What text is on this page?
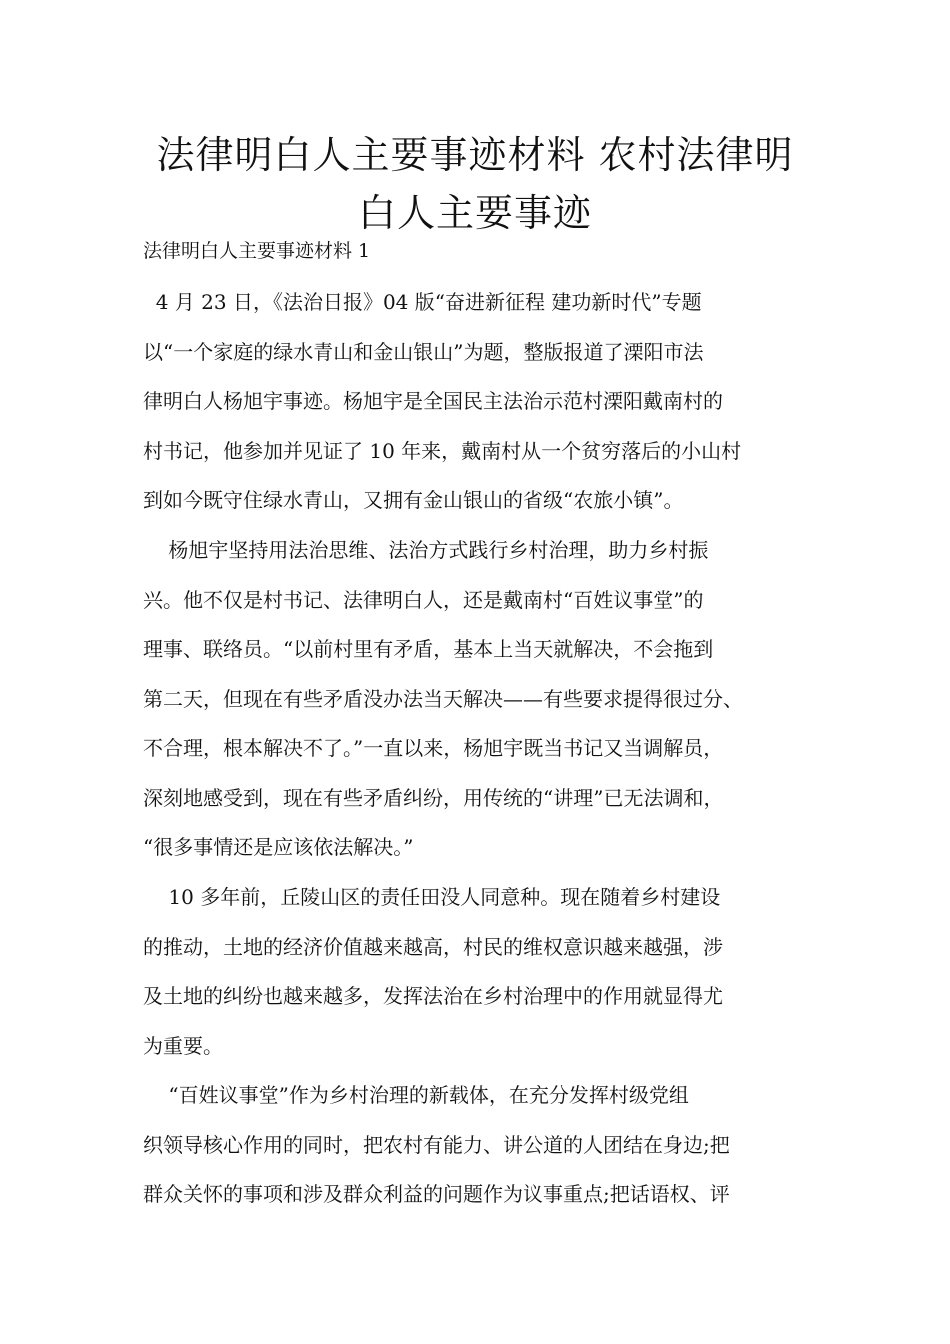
法律明白人主要事迹材料 农村法律明
白人主要事迹

法律明白人主要事迹材料 1

4 月 23 日，《法治日报》04 版“奋进新征程 建功新时代”专题
以“一个家庭的绿水青山和金山银山”为题，整版报道了溧阳市法
律明白人杨旭宇事迹。杨旭宇是全国民主法治示范村溧阳戴南村的
村书记，他参加并见证了 10 年来，戴南村从一个贫穷落后的小山村
到如今既守住绿水青山，又拥有金山银山的省级“农旅小镇”。

杨旭宇坚持用法治思维、法治方式践行乡村治理，助力乡村振
兴。他不仅是村书记、法律明白人，还是戴南村“百姓议事堂”的
理事、联络员。“以前村里有矛盾，基本上当天就解决，不会拖到
第二天，但现在有些矛盾没办法当天解决——有些要求提得很过分、
不合理，根本解决不了。”一直以来，杨旭宇既当书记又当调解员，
深刻地感受到，现在有些矛盾纠纷，用传统的“讲理”已无法调和，
“很多事情还是应该依法解决。”

10 多年前，丘陵山区的责任田没人同意种。现在随着乡村建设
的推动，土地的经济价值越来越高，村民的维权意识越来越强，涉
及土地的纠纷也越来越多，发挥法治在乡村治理中的作用就显得尤
为重要。

“百姓议事堂”作为乡村治理的新载体，在充分发挥村级党组
织领导核心作用的同时，把农村有能力、讲公道的人团结在身边;把
群众关怀的事项和涉及群众利益的问题作为议事重点;把话语权、评
